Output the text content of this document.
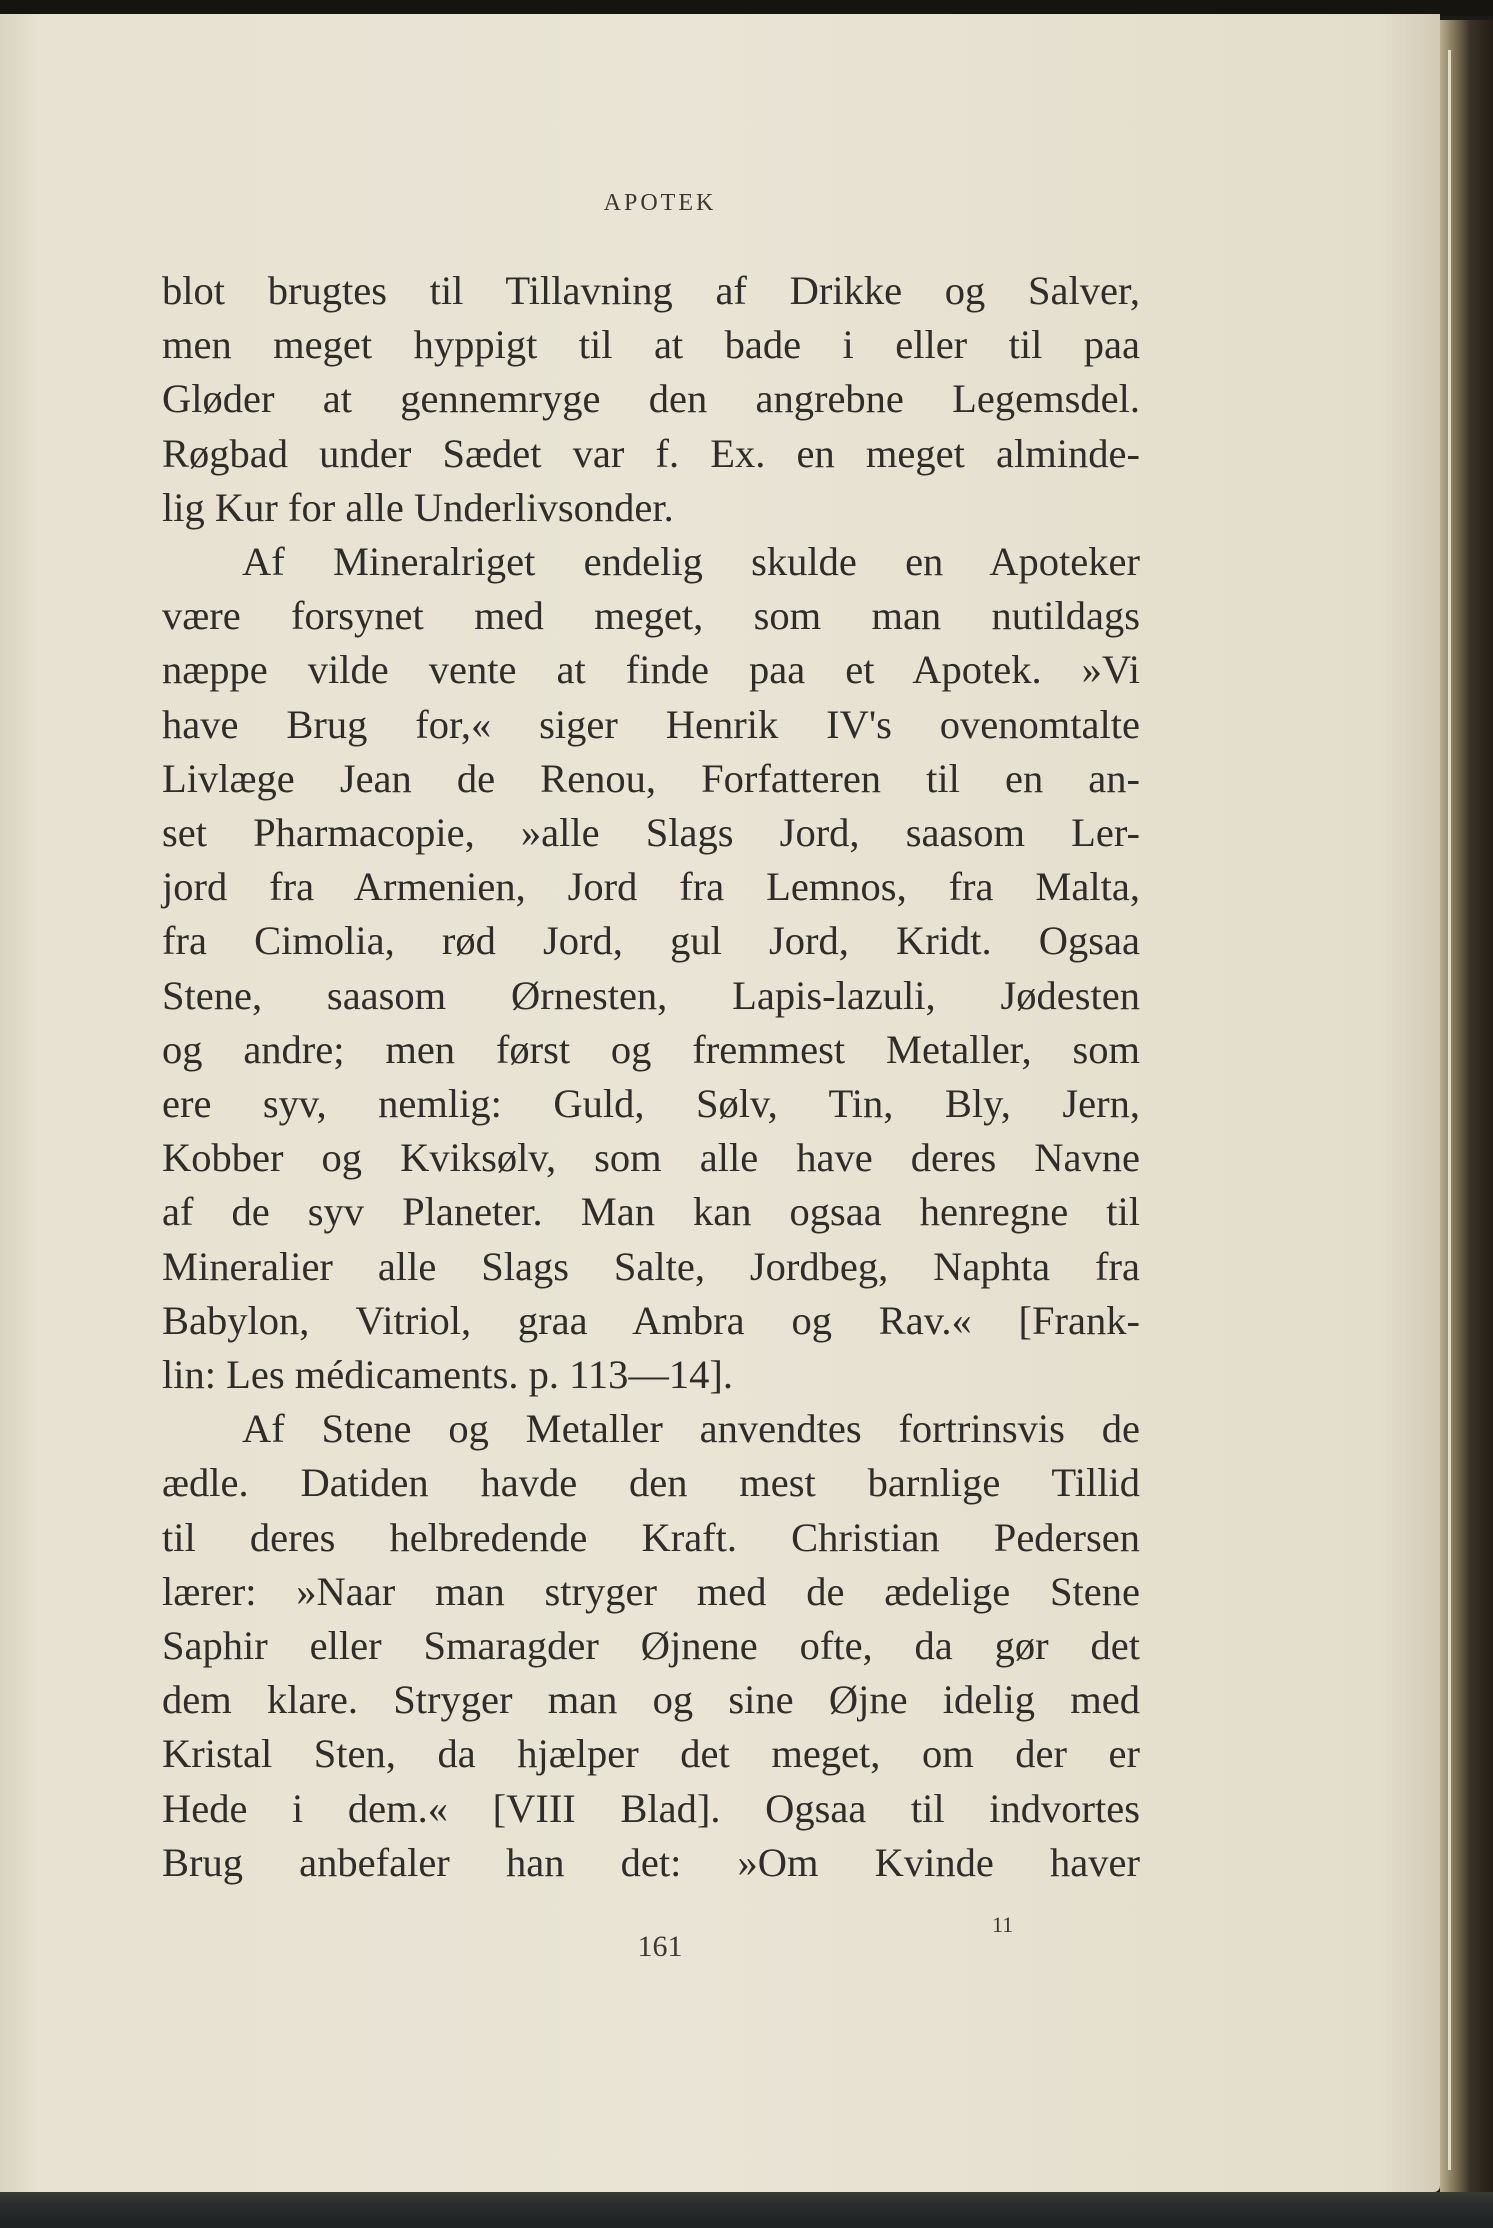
APOTEK
blot brugtes til Tillavning af Drikke og Salver,
men meget hyppigt til at bade i eller til paa
Gløder at gennemryge den angrebne Legemsdel.
Røgbad under Sædet var f. Ex. en meget alminde-
lig Kur for alle Underlivsonder.
Af Mineralriget endelig skulde en Apoteker
være forsynet med meget, som man nutildags
næppe vilde vente at finde paa et Apotek. »Vi
have Brug for,« siger Henrik IV's ovenomtalte
Livlæge Jean de Renou, Forfatteren til en an-
set Pharmacopie, »alle Slags Jord, saasom Ler-
jord fra Armenien, Jord fra Lemnos, fra Malta,
fra Cimolia, rød Jord, gul Jord, Kridt. Ogsaa
Stene, saasom Ørnesten, Lapis-lazuli, Jødesten
og andre; men først og fremmest Metaller, som
ere syv, nemlig: Guld, Sølv, Tin, Bly, Jern,
Kobber og Kviksølv, som alle have deres Navne
af de syv Planeter. Man kan ogsaa henregne til
Mineralier alle Slags Salte, Jordbeg, Naphta fra
Babylon, Vitriol, graa Ambra og Rav.« [Frank-
lin: Les médicaments. p. 113—14].
Af Stene og Metaller anvendtes fortrinsvis de
ædle. Datiden havde den mest barnlige Tillid
til deres helbredende Kraft. Christian Pedersen
lærer: »Naar man stryger med de ædelige Stene
Saphir eller Smaragder Øjnene ofte, da gør det
dem klare. Stryger man og sine Øjne idelig med
Kristal Sten, da hjælper det meget, om der er
Hede i dem.« [VIII Blad]. Ogsaa til indvortes
Brug anbefaler han det: »Om Kvinde haver
11
161
